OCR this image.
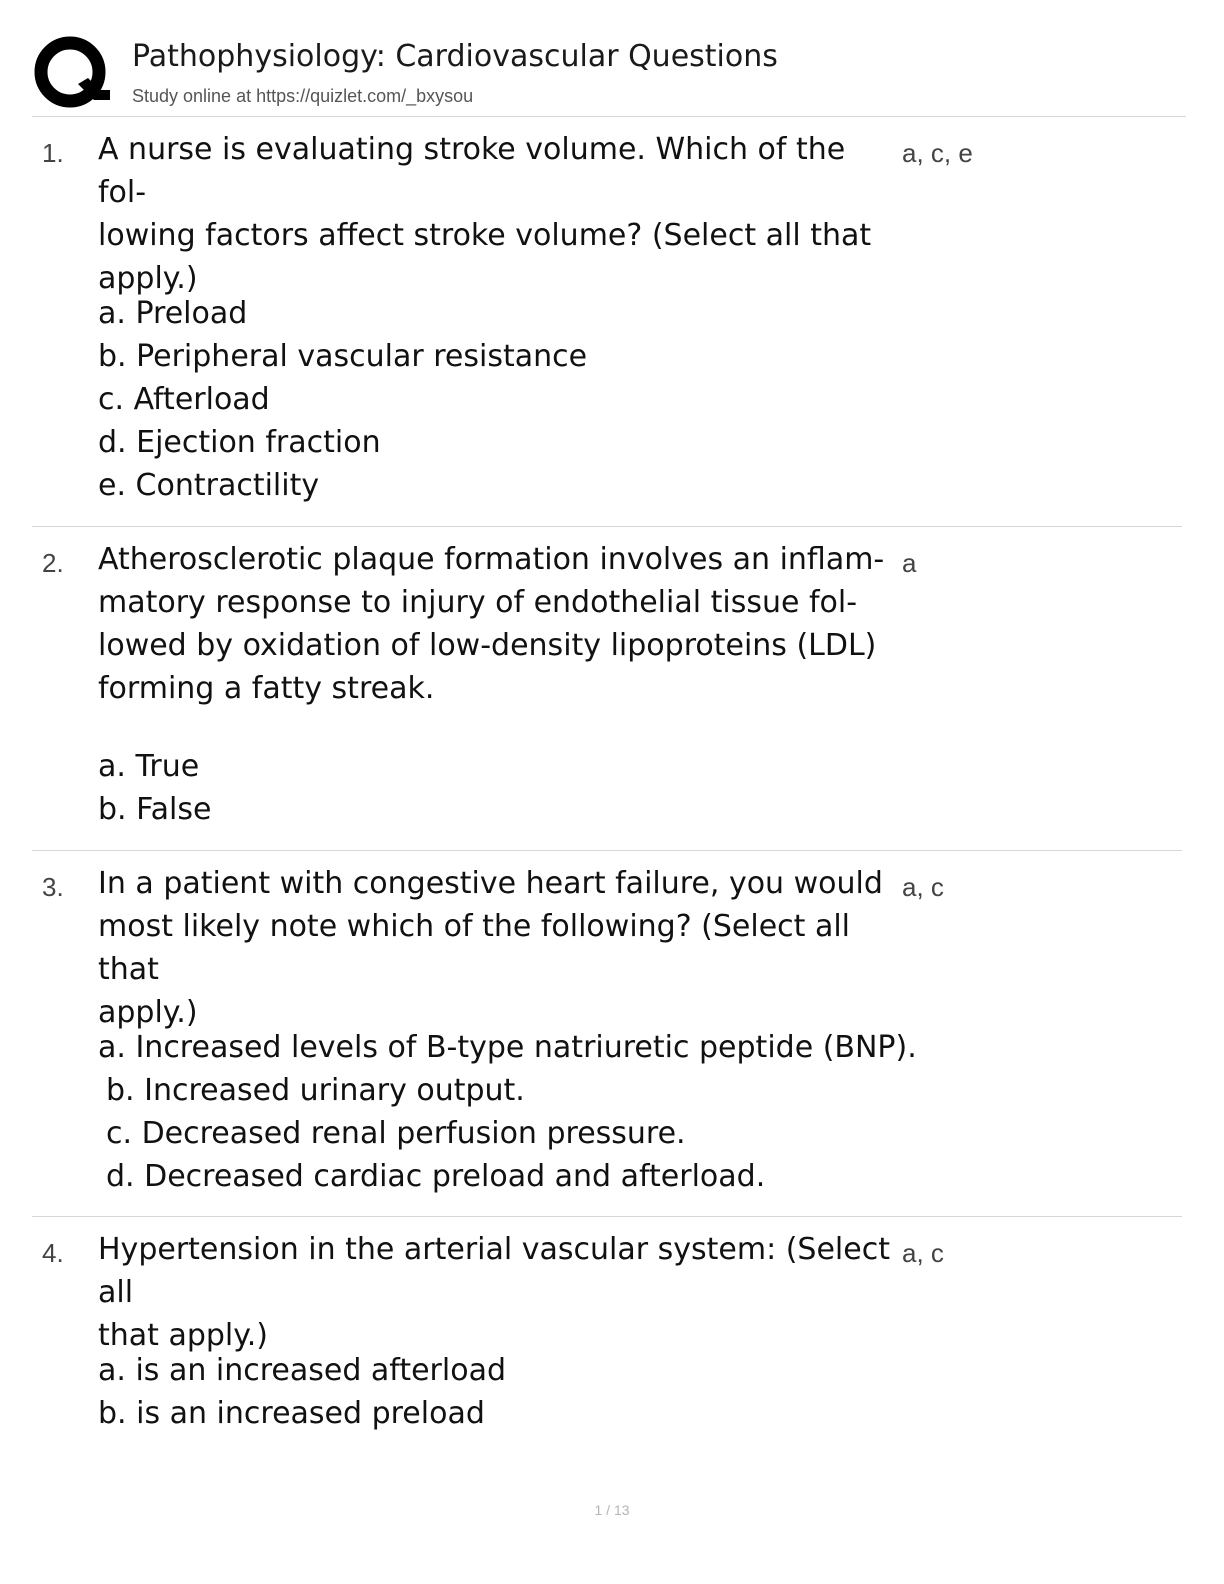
Pathophysiology: Cardiovascular Questions
Study online at https://quizlet.com/_bxysou
1. A nurse is evaluating stroke volume. Which of the fol-
lowing factors affect stroke volume? (Select all that
apply.)
a, c, e
a. Preload
b. Peripheral vascular resistance
c. Afterload
d. Ejection fraction
e. Contractility
2. Atherosclerotic plaque formation involves an inflam-
matory response to injury of endothelial tissue fol-
lowed by oxidation of low-density lipoproteins (LDL)
forming a fatty streak.
a
a. True
b. False
3. In a patient with congestive heart failure, you would
most likely note which of the following? (Select all that
apply.)
a, c
a. Increased levels of B-type natriuretic peptide (BNP).
b. Increased urinary output.
c. Decreased renal perfusion pressure.
d. Decreased cardiac preload and afterload.
4. Hypertension in the arterial vascular system: (Select all
that apply.)
a, c
a. is an increased afterload
b. is an increased preload
1 / 13
